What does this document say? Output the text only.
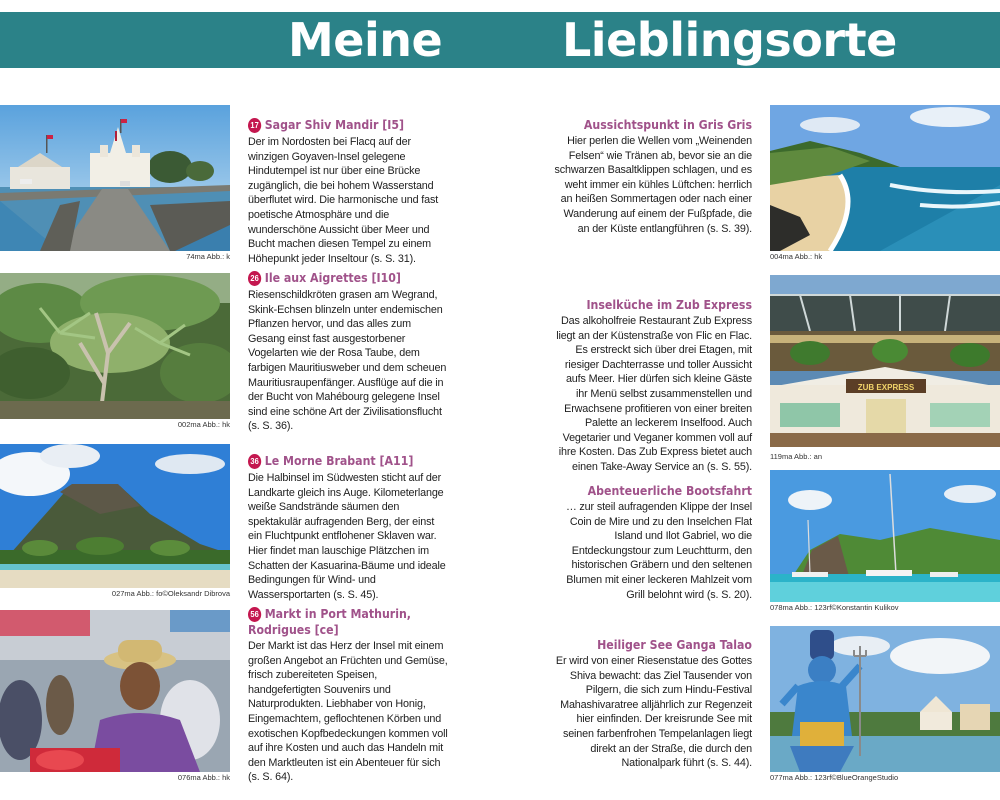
Meine	Lieblingsorte
74ma Abb.: k
17 Sagar Shiv Mandir [I5]

Der im Nordosten bei Flacq auf der winzigen Goyaven-Insel gelegene Hindutempel ist nur über eine Brücke zugänglich, die bei hohem Wasserstand überflutet wird. Die harmonische und fast poetische Atmosphäre und die wunderschöne Aussicht über Meer und Bucht machen diesen Tempel zu einem Höhepunkt jeder Inseltour (s. S. 31).

002ma Abb.: hk
26 Ile aux Aigrettes [I10]

Riesenschildkröten grasen am Wegrand, Skink-Echsen blinzeln unter endemischen Pflanzen hervor, und das alles zum Gesang einst fast ausgestorbener Vogelarten wie der Rosa Taube, dem farbigen Mauritiusweber und dem scheuen Mauritiusraupenfänger. Ausflüge auf die in der Bucht von Mahébourg gelegene Insel sind eine schöne Art der Zivilisationsflucht (s. S. 36).

027ma Abb.: fo©Oleksandr Dibrova
36 Le Morne Brabant [A11]

Die Halbinsel im Südwesten sticht auf der Landkarte gleich ins Auge. Kilometerlange weiße Sandstrände säumen den spektakulär aufragenden Berg, der einst ein Fluchtpunkt entflohener Sklaven war. Hier findet man lauschige Plätzchen im Schatten der Kasuarina-Bäume und ideale Bedingungen für Wind- und Wassersportarten (s. S. 45).

076ma Abb.: hk
56 Markt in Port Mathurin, Rodrigues [ce]

Der Markt ist das Herz der Insel mit einem großen Angebot an Früchten und Gemüse, frisch zubereiteten Speisen, handgefertigten Souvenirs und Naturprodukten. Liebhaber von Honig, Eingemachtem, geflochtenen Körben und exotischen Kopfbedeckungen kommen voll auf ihre Kosten und auch das Handeln mit den Marktleuten ist ein Abenteuer für sich (s. S. 64).

Aussichtspunkt in Gris Gris

Hier perlen die Wellen vom „Weinenden Felsen“ wie Tränen ab, bevor sie an die schwarzen Basaltklippen schlagen, und es weht immer ein kühles Lüftchen: herrlich an heißen Sommertagen oder nach einer Wanderung auf einem der Fußpfade, die an der Küste entlangführen (s. S. 39).

004ma Abb.: hk
Inselküche im Zub Express

Das alkoholfreie Restaurant Zub Express liegt an der Küstenstraße von Flic en Flac. Es erstreckt sich über drei Etagen, mit riesiger Dachterrasse und toller Aussicht aufs Meer. Hier dürfen sich kleine Gäste ihr Menü selbst zusammenstellen und Erwachsene profitieren von einer breiten Palette an leckerem Inselfood. Auch Vegetarier und Veganer kommen voll auf ihre Kosten. Das Zub Express bietet auch einen Take-Away Service an (s. S. 55).

ZUB EXPRESS
119ma Abb.: an
Abenteuerliche Bootsfahrt

… zur steil aufragenden Klippe der Insel Coin de Mire und zu den Inselchen Flat Island und Ilot Gabriel, wo die Entdeckungstour zum Leuchtturm, den historischen Gräbern und den seltenen Blumen mit einer leckeren Mahlzeit vom Grill belohnt wird (s. S. 20).

078ma Abb.: 123rf©Konstantin Kulikov
Heiliger See Ganga Talao

Er wird von einer Riesenstatue des Gottes Shiva bewacht: das Ziel Tausender von Pilgern, die sich zum Hindu-Festival Mahashivaratree alljährlich zur Regenzeit hier einfinden. Der kreisrunde See mit seinen farbenfrohen Tempelanlagen liegt direkt an der Straße, die durch den Nationalpark führt (s. S. 44).

077ma Abb.: 123rf©BlueOrangeStudio
